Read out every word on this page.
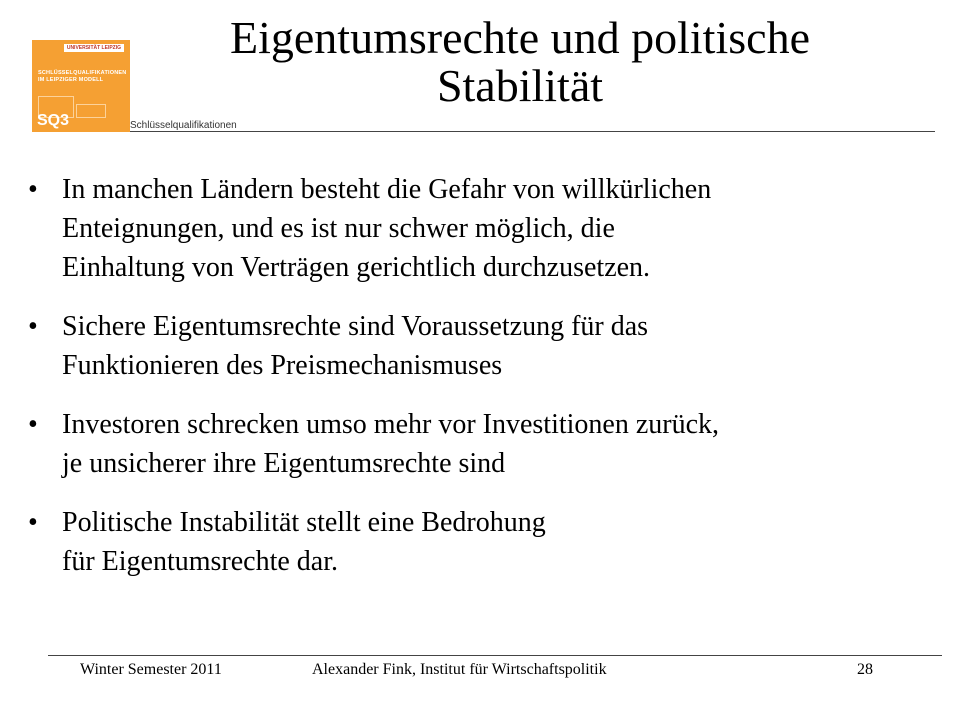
UNIVERSITÄT LEIPZIG
SCHLÜSSELQUALIFIKATIONEN
IM LEIPZIGER MODELL
SQ3	Schlüsselqualifikationen
Eigentumsrechte und politische
Stabilität
• In manchen Ländern besteht die Gefahr von willkürlichen
Enteignungen, und es ist nur schwer möglich, die
Einhaltung von Verträgen gerichtlich durchzusetzen.
• Sichere Eigentumsrechte sind Voraussetzung für das
Funktionieren des Preismechanismuses
• Investoren schrecken umso mehr vor Investitionen zurück,
je unsicherer ihre Eigentumsrechte sind
• Politische Instabilität stellt eine Bedrohung
für Eigentumsrechte dar.
Winter Semester 2011	Alexander Fink, Institut für Wirtschaftspolitik	28
